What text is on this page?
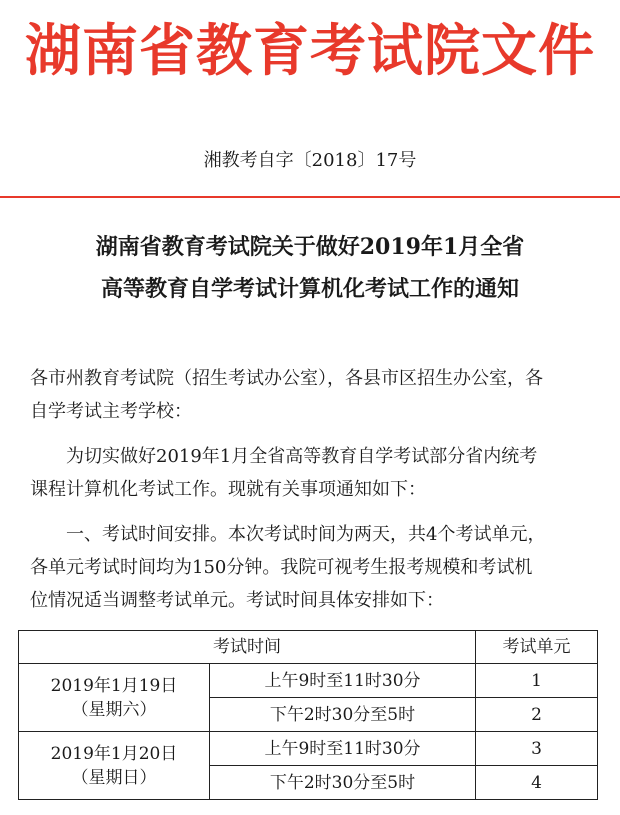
湖南省教育考试院文件
湘教考自字〔2018〕17号
湖南省教育考试院关于做好2019年1月全省
高等教育自学考试计算机化考试工作的通知
各市州教育考试院（招生考试办公室），各县市区招生办公室，各
自学考试主考学校：
为切实做好2019年1月全省高等教育自学考试部分省内统考
课程计算机化考试工作。现就有关事项通知如下：
一、考试时间安排。本次考试时间为两天，共4个考试单元，
各单元考试时间均为150分钟。我院可视考生报考规模和考试机
位情况适当调整考试单元。考试时间具体安排如下：
考试时间		考试单元

2019年1月19日
（星期六）	上午9时至11时30分	1
	下午2时30分至5时	2

2019年1月20日
（星期日）	上午9时至11时30分	3
	下午2时30分至5时	4
